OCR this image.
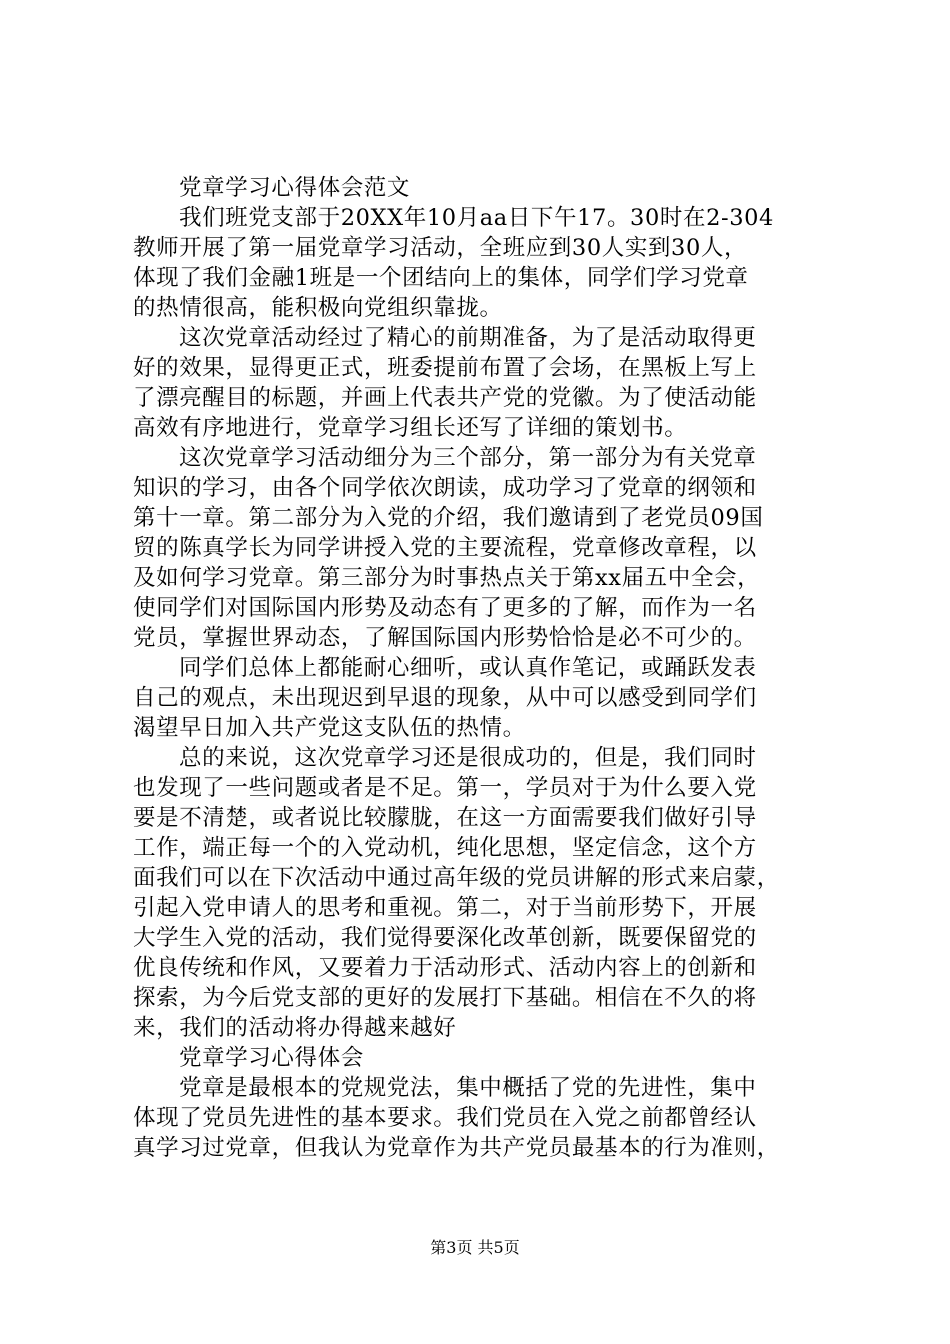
党章学习心得体会范文
我们班党支部于20XX年10月aa日下午17。30时在2-304
教师开展了第一届党章学习活动，全班应到30人实到30人，
体现了我们金融1班是一个团结向上的集体，同学们学习党章
的热情很高，能积极向党组织靠拢。
这次党章活动经过了精心的前期准备，为了是活动取得更
好的效果，显得更正式，班委提前布置了会场，在黑板上写上
了漂亮醒目的标题，并画上代表共产党的党徽。为了使活动能
高效有序地进行，党章学习组长还写了详细的策划书。
这次党章学习活动细分为三个部分，第一部分为有关党章
知识的学习，由各个同学依次朗读，成功学习了党章的纲领和
第十一章。第二部分为入党的介绍，我们邀请到了老党员09国
贸的陈真学长为同学讲授入党的主要流程，党章修改章程，以
及如何学习党章。第三部分为时事热点关于第xx届五中全会，
使同学们对国际国内形势及动态有了更多的了解，而作为一名
党员，掌握世界动态，了解国际国内形势恰恰是必不可少的。
同学们总体上都能耐心细听，或认真作笔记，或踊跃发表
自己的观点，未出现迟到早退的现象，从中可以感受到同学们
渴望早日加入共产党这支队伍的热情。
总的来说，这次党章学习还是很成功的，但是，我们同时
也发现了一些问题或者是不足。第一，学员对于为什么要入党
要是不清楚，或者说比较朦胧，在这一方面需要我们做好引导
工作，端正每一个的入党动机，纯化思想，坚定信念，这个方
面我们可以在下次活动中通过高年级的党员讲解的形式来启蒙，
引起入党申请人的思考和重视。第二，对于当前形势下，开展
大学生入党的活动，我们觉得要深化改革创新，既要保留党的
优良传统和作风，又要着力于活动形式、活动内容上的创新和
探索，为今后党支部的更好的发展打下基础。相信在不久的将
来，我们的活动将办得越来越好
党章学习心得体会
党章是最根本的党规党法，集中概括了党的先进性，集中
体现了党员先进性的基本要求。我们党员在入党之前都曾经认
真学习过党章，但我认为党章作为共产党员最基本的行为准则，
第3页 共5页
